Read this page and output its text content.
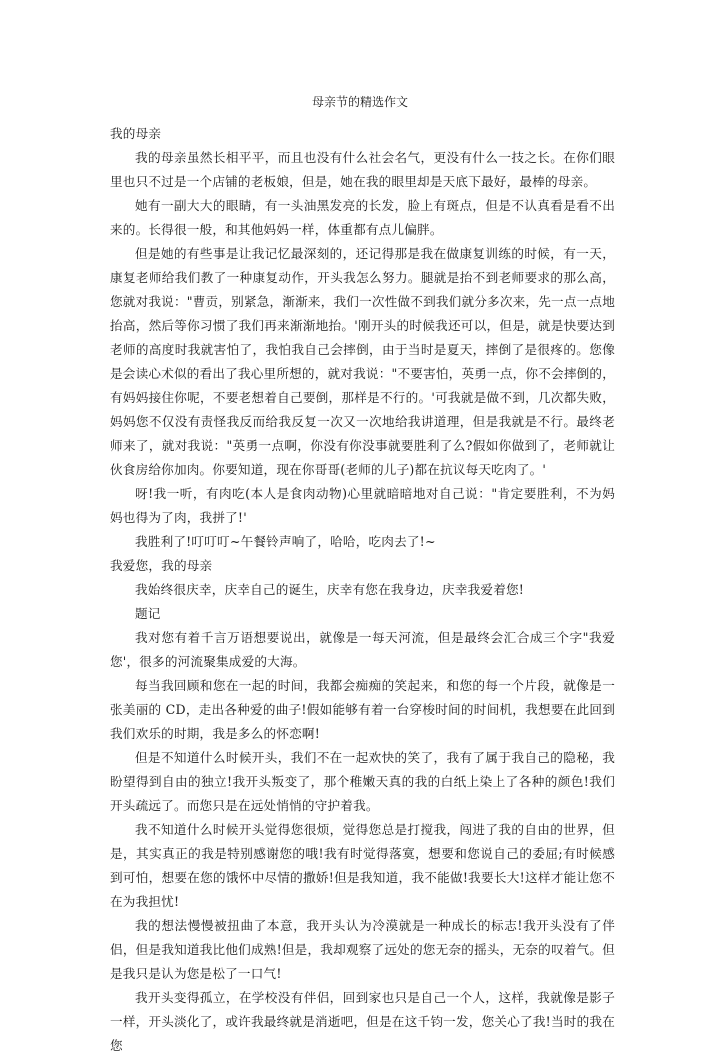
母亲节的精选作文

我的母亲

我的母亲虽然长相平平，而且也没有什么社会名气，更没有什么一技之长。在你们眼里也只不过是一个店铺的老板娘，但是，她在我的眼里却是天底下最好，最棒的母亲。

她有一副大大的眼睛，有一头油黑发亮的长发，脸上有斑点，但是不认真看是看不出来的。长得很一般，和其他妈妈一样，体重都有点儿偏胖。

但是她的有些事是让我记忆最深刻的，还记得那是我在做康复训练的时候，有一天，康复老师给我们教了一种康复动作，开头我怎么努力。腿就是抬不到老师要求的那么高，您就对我说："曹贡，别紧急，渐渐来，我们一次性做不到我们就分多次来，先一点一点地抬高，然后等你习惯了我们再来渐渐地抬。'刚开头的时候我还可以，但是，就是快要达到老师的高度时我就害怕了，我怕我自己会摔倒，由于当时是夏天，摔倒了是很疼的。您像是会读心术似的看出了我心里所想的，就对我说："不要害怕，英勇一点，你不会摔倒的，有妈妈接住你呢，不要老想着自己要倒，那样是不行的。'可我就是做不到，几次都失败，妈妈您不仅没有责怪我反而给我反复一次又一次地给我讲道理，但是我就是不行。最终老师来了，就对我说："英勇一点啊，你没有你没事就要胜利了么?假如你做到了，老师就让伙食房给你加肉。你要知道，现在你哥哥(老师的儿子)都在抗议每天吃肉了。'

呀!我一听，有肉吃(本人是食肉动物)心里就暗暗地对自己说："肯定要胜利，不为妈妈也得为了肉，我拼了!'

我胜利了!叮叮叮~午餐铃声响了，哈哈，吃肉去了!~

我爱您，我的母亲

我始终很庆幸，庆幸自己的诞生，庆幸有您在我身边，庆幸我爱着您!

题记

我对您有着千言万语想要说出，就像是一每天河流，但是最终会汇合成三个字"我爱您'，很多的河流聚集成爱的大海。

每当我回顾和您在一起的时间，我都会痴痴的笑起来，和您的每一个片段，就像是一张美丽的 CD，走出各种爱的曲子!假如能够有着一台穿梭时间的时间机，我想要在此回到我们欢乐的时期，我是多么的怀恋啊!

但是不知道什么时候开头，我们不在一起欢快的笑了，我有了属于我自己的隐秘，我盼望得到自由的独立!我开头叛变了，那个稚嫩天真的我的白纸上染上了各种的颜色!我们开头疏远了。而您只是在远处悄悄的守护着我。

我不知道什么时候开头觉得您很烦，觉得您总是打搅我，闯进了我的自由的世界，但是，其实真正的我是特别感谢您的哦!我有时觉得落寞，想要和您说自己的委屈;有时候感到可怕，想要在您的饿怀中尽情的撒娇!但是我知道，我不能做!我要长大!这样才能让您不在为我担忧!

我的想法慢慢被扭曲了本意，我开头认为冷漠就是一种成长的标志!我开头没有了伴侣，但是我知道我比他们成熟!但是，我却观察了远处的您无奈的摇头，无奈的叹着气。但是我只是认为您是松了一口气!

我开头变得孤立，在学校没有伴侣，回到家也只是自己一个人，这样，我就像是影子一样，开头淡化了，或许我最终就是消逝吧，但是在这千钧一发，您关心了我!当时的我在您
